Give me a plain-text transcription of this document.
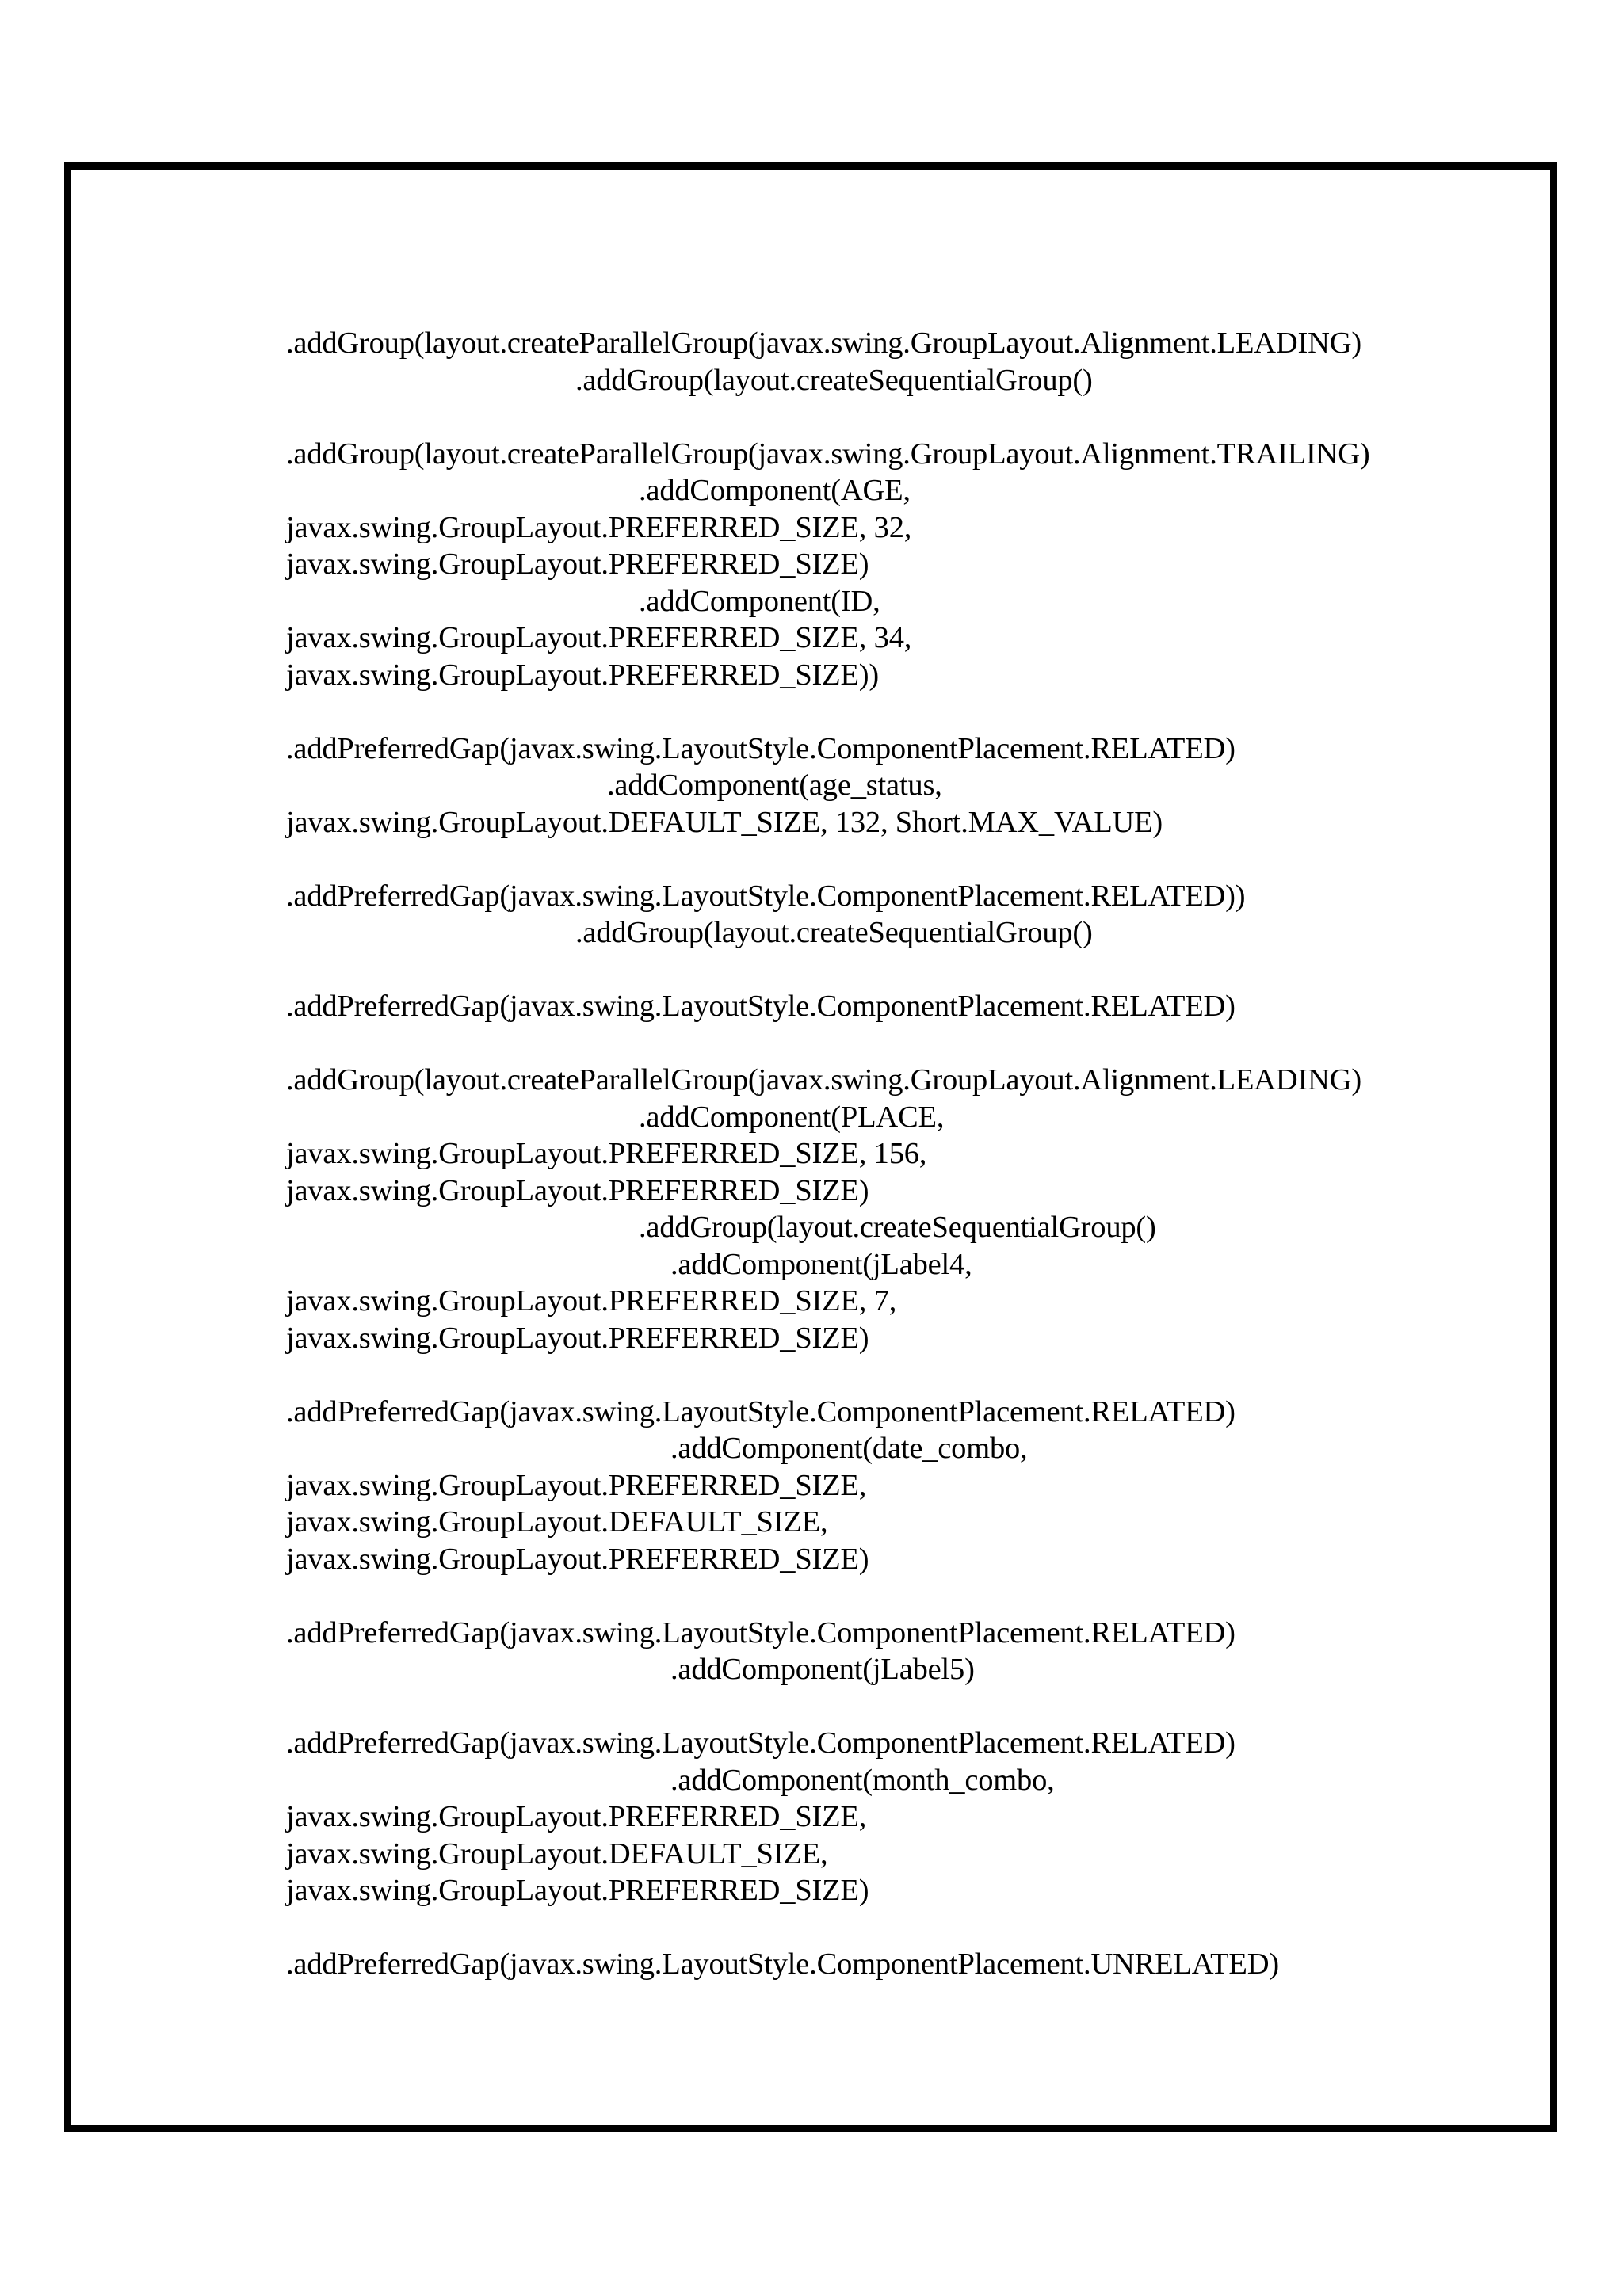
.addGroup(layout.createParallelGroup(javax.swing.GroupLayout.Alignment.LEADING)
.addGroup(layout.createSequentialGroup()
.addGroup(layout.createParallelGroup(javax.swing.GroupLayout.Alignment.TRAILING)
.addComponent(AGE,
javax.swing.GroupLayout.PREFERRED_SIZE, 32,
javax.swing.GroupLayout.PREFERRED_SIZE)
.addComponent(ID,
javax.swing.GroupLayout.PREFERRED_SIZE, 34,
javax.swing.GroupLayout.PREFERRED_SIZE))
.addPreferredGap(javax.swing.LayoutStyle.ComponentPlacement.RELATED)
.addComponent(age_status,
javax.swing.GroupLayout.DEFAULT_SIZE, 132, Short.MAX_VALUE)
.addPreferredGap(javax.swing.LayoutStyle.ComponentPlacement.RELATED))
.addGroup(layout.createSequentialGroup()
.addPreferredGap(javax.swing.LayoutStyle.ComponentPlacement.RELATED)
.addGroup(layout.createParallelGroup(javax.swing.GroupLayout.Alignment.LEADING)
.addComponent(PLACE,
javax.swing.GroupLayout.PREFERRED_SIZE, 156,
javax.swing.GroupLayout.PREFERRED_SIZE)
.addGroup(layout.createSequentialGroup()
.addComponent(jLabel4,
javax.swing.GroupLayout.PREFERRED_SIZE, 7,
javax.swing.GroupLayout.PREFERRED_SIZE)
.addPreferredGap(javax.swing.LayoutStyle.ComponentPlacement.RELATED)
.addComponent(date_combo,
javax.swing.GroupLayout.PREFERRED_SIZE,
javax.swing.GroupLayout.DEFAULT_SIZE,
javax.swing.GroupLayout.PREFERRED_SIZE)
.addPreferredGap(javax.swing.LayoutStyle.ComponentPlacement.RELATED)
.addComponent(jLabel5)
.addPreferredGap(javax.swing.LayoutStyle.ComponentPlacement.RELATED)
.addComponent(month_combo,
javax.swing.GroupLayout.PREFERRED_SIZE,
javax.swing.GroupLayout.DEFAULT_SIZE,
javax.swing.GroupLayout.PREFERRED_SIZE)
.addPreferredGap(javax.swing.LayoutStyle.ComponentPlacement.UNRELATED)
